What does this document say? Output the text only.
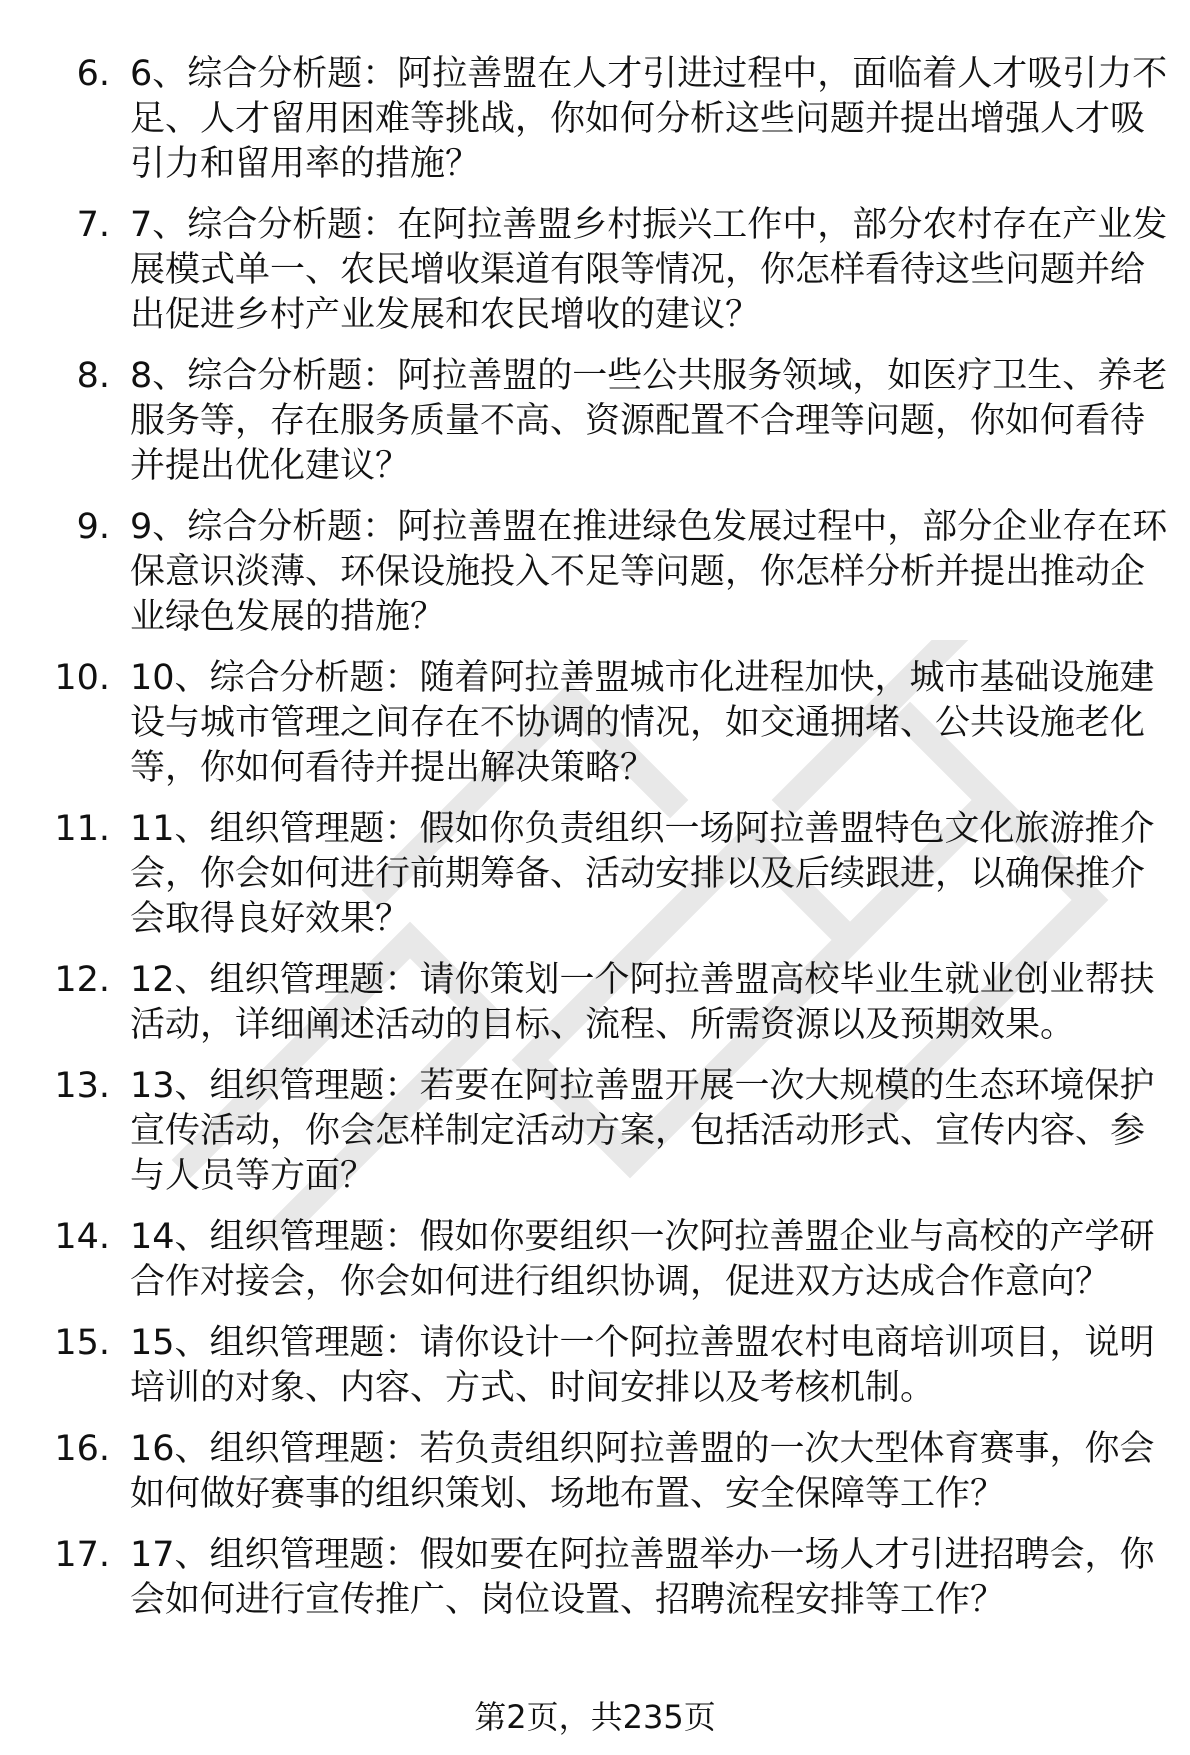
6. 6、综合分析题：阿拉善盟在人才引进过程中，面临着人才吸引力不足、人才留用困难等挑战，你如何分析这些问题并提出增强人才吸引力和留用率的措施？
7. 7、综合分析题：在阿拉善盟乡村振兴工作中，部分农村存在产业发展模式单一、农民增收渠道有限等情况，你怎样看待这些问题并给出促进乡村产业发展和农民增收的建议？
8. 8、综合分析题：阿拉善盟的一些公共服务领域，如医疗卫生、养老服务等，存在服务质量不高、资源配置不合理等问题，你如何看待并提出优化建议？
9. 9、综合分析题：阿拉善盟在推进绿色发展过程中，部分企业存在环保意识淡薄、环保设施投入不足等问题，你怎样分析并提出推动企业绿色发展的措施？
10. 10、综合分析题：随着阿拉善盟城市化进程加快，城市基础设施建设与城市管理之间存在不协调的情况，如交通拥堵、公共设施老化等，你如何看待并提出解决策略？
11. 11、组织管理题：假如你负责组织一场阿拉善盟特色文化旅游推介会，你会如何进行前期筹备、活动安排以及后续跟进，以确保推介会取得良好效果？
12. 12、组织管理题：请你策划一个阿拉善盟高校毕业生就业创业帮扶活动，详细阐述活动的目标、流程、所需资源以及预期效果。
13. 13、组织管理题：若要在阿拉善盟开展一次大规模的生态环境保护宣传活动，你会怎样制定活动方案，包括活动形式、宣传内容、参与人员等方面？
14. 14、组织管理题：假如你要组织一次阿拉善盟企业与高校的产学研合作对接会，你会如何进行组织协调，促进双方达成合作意向？
15. 15、组织管理题：请你设计一个阿拉善盟农村电商培训项目，说明培训的对象、内容、方式、时间安排以及考核机制。
16. 16、组织管理题：若负责组织阿拉善盟的一次大型体育赛事，你会如何做好赛事的组织策划、场地布置、安全保障等工作？
17. 17、组织管理题：假如要在阿拉善盟举办一场人才引进招聘会，你会如何进行宣传推广、岗位设置、招聘流程安排等工作？
第2页，共235页
